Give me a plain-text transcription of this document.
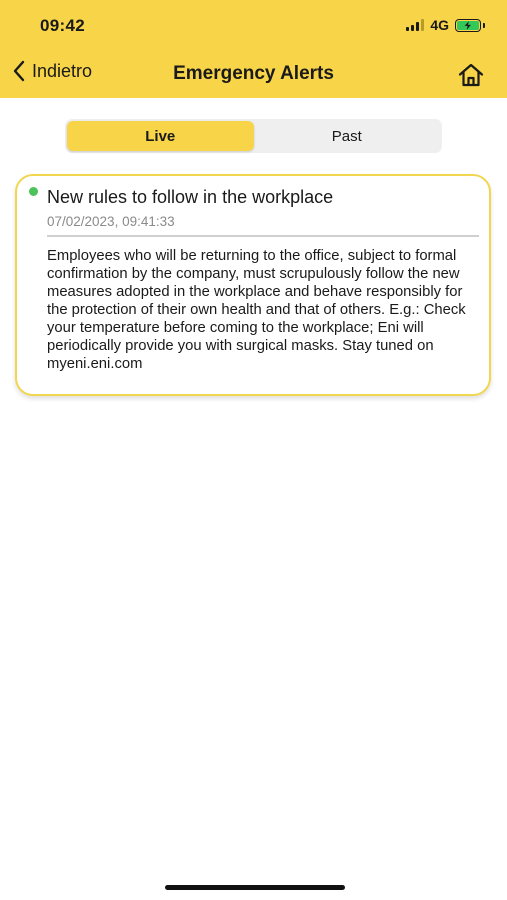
09:42	4G
Indietro	Emergency Alerts
Live	Past
New rules to follow in the workplace
07/02/2023, 09:41:33
Employees who will be returning to the office, subject to formal confirmation by the company, must scrupulously follow the new measures adopted in the workplace and behave responsibly for the protection of their own health and that of others. E.g.: Check your temperature before coming to the workplace; Eni will periodically provide you with surgical masks. Stay tuned on myeni.eni.com
